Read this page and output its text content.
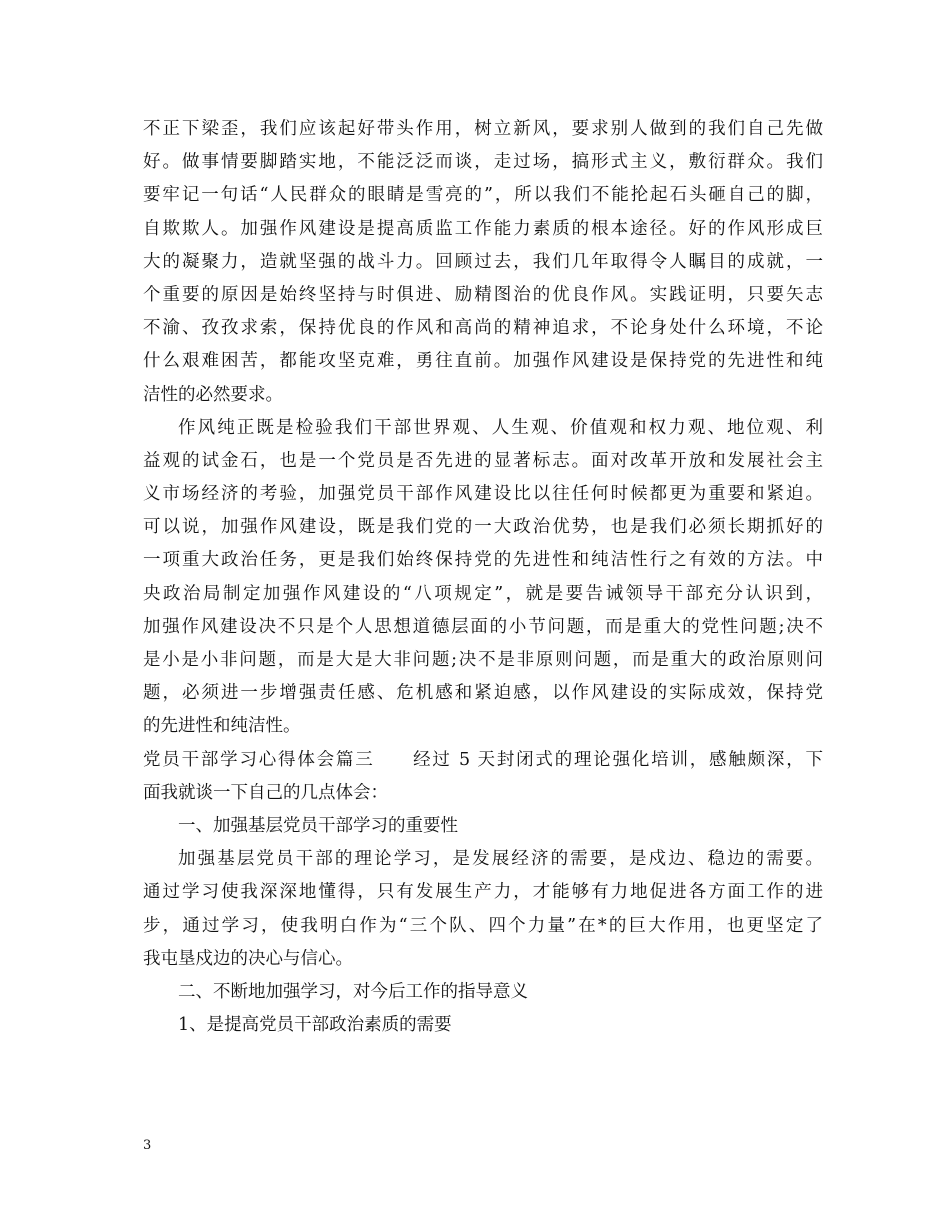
不正下梁歪，我们应该起好带头作用，树立新风，要求别人做到的我们自己先做
好。做事情要脚踏实地，不能泛泛而谈，走过场，搞形式主义，敷衍群众。我们
要牢记一句话“人民群众的眼睛是雪亮的”，所以我们不能抡起石头砸自己的脚，
自欺欺人。加强作风建设是提高质监工作能力素质的根本途径。好的作风形成巨
大的凝聚力，造就坚强的战斗力。回顾过去，我们几年取得令人瞩目的成就，一
个重要的原因是始终坚持与时俱进、励精图治的优良作风。实践证明，只要矢志
不渝、孜孜求索，保持优良的作风和高尚的精神追求，不论身处什么环境，不论
什么艰难困苦，都能攻坚克难，勇往直前。加强作风建设是保持党的先进性和纯
洁性的必然要求。
作风纯正既是检验我们干部世界观、人生观、价值观和权力观、地位观、利
益观的试金石，也是一个党员是否先进的显著标志。面对改革开放和发展社会主
义市场经济的考验，加强党员干部作风建设比以往任何时候都更为重要和紧迫。
可以说，加强作风建设，既是我们党的一大政治优势，也是我们必须长期抓好的
一项重大政治任务，更是我们始终保持党的先进性和纯洁性行之有效的方法。中
央政治局制定加强作风建设的“八项规定”，就是要告诫领导干部充分认识到，
加强作风建设决不只是个人思想道德层面的小节问题，而是重大的党性问题;决不
是小是小非问题，而是大是大非问题;决不是非原则问题，而是重大的政治原则问
题，必须进一步增强责任感、危机感和紧迫感，以作风建设的实际成效，保持党
的先进性和纯洁性。
党员干部学习心得体会篇三　　经过 5 天封闭式的理论强化培训，感触颇深，下
面我就谈一下自己的几点体会：
一、加强基层党员干部学习的重要性
加强基层党员干部的理论学习，是发展经济的需要，是戍边、稳边的需要。
通过学习使我深深地懂得，只有发展生产力，才能够有力地促进各方面工作的进
步，通过学习，使我明白作为“三个队、四个力量”在*的巨大作用，也更坚定了
我屯垦戍边的决心与信心。
二、不断地加强学习，对今后工作的指导意义
1、是提高党员干部政治素质的需要
3
